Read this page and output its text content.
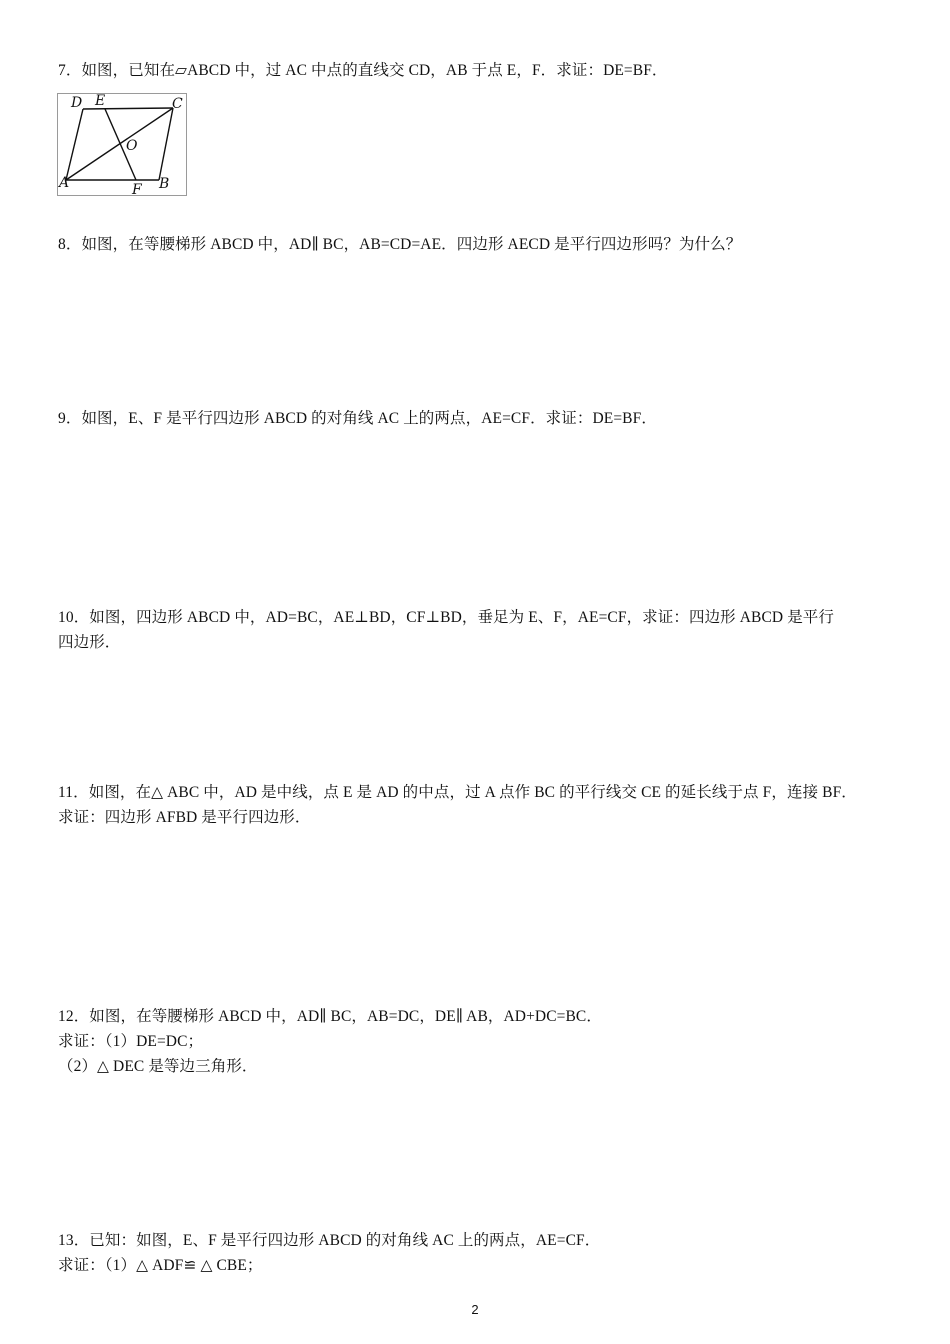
7．如图，已知在▱ABCD 中，过 AC 中点的直线交 CD，AB 于点 E，F．求证：DE=BF．
D E	C
O
A	F B
8．如图，在等腰梯形 ABCD 中，AD∥ BC，AB=CD=AE．四边形 AECD 是平行四边形吗？为什么？
9．如图，E、F 是平行四边形 ABCD 的对角线 AC 上的两点，AE=CF．求证：DE=BF．
10．如图，四边形 ABCD 中，AD=BC，AE⊥BD，CF⊥BD，垂足为 E、F，AE=CF，求证：四边形 ABCD 是平行
四边形．
11．如图，在△ ABC 中，AD 是中线，点 E 是 AD 的中点，过 A 点作 BC 的平行线交 CE 的延长线于点 F，连接 BF．
求证：四边形 AFBD 是平行四边形．
12．如图，在等腰梯形 ABCD 中，AD∥ BC，AB=DC，DE∥ AB，AD+DC=BC．
求证：（1）DE=DC；
（2）△ DEC 是等边三角形．
13．已知：如图，E、F 是平行四边形 ABCD 的对角线 AC 上的两点，AE=CF．
求证：（1）△ ADF≌ △ CBE；
2
